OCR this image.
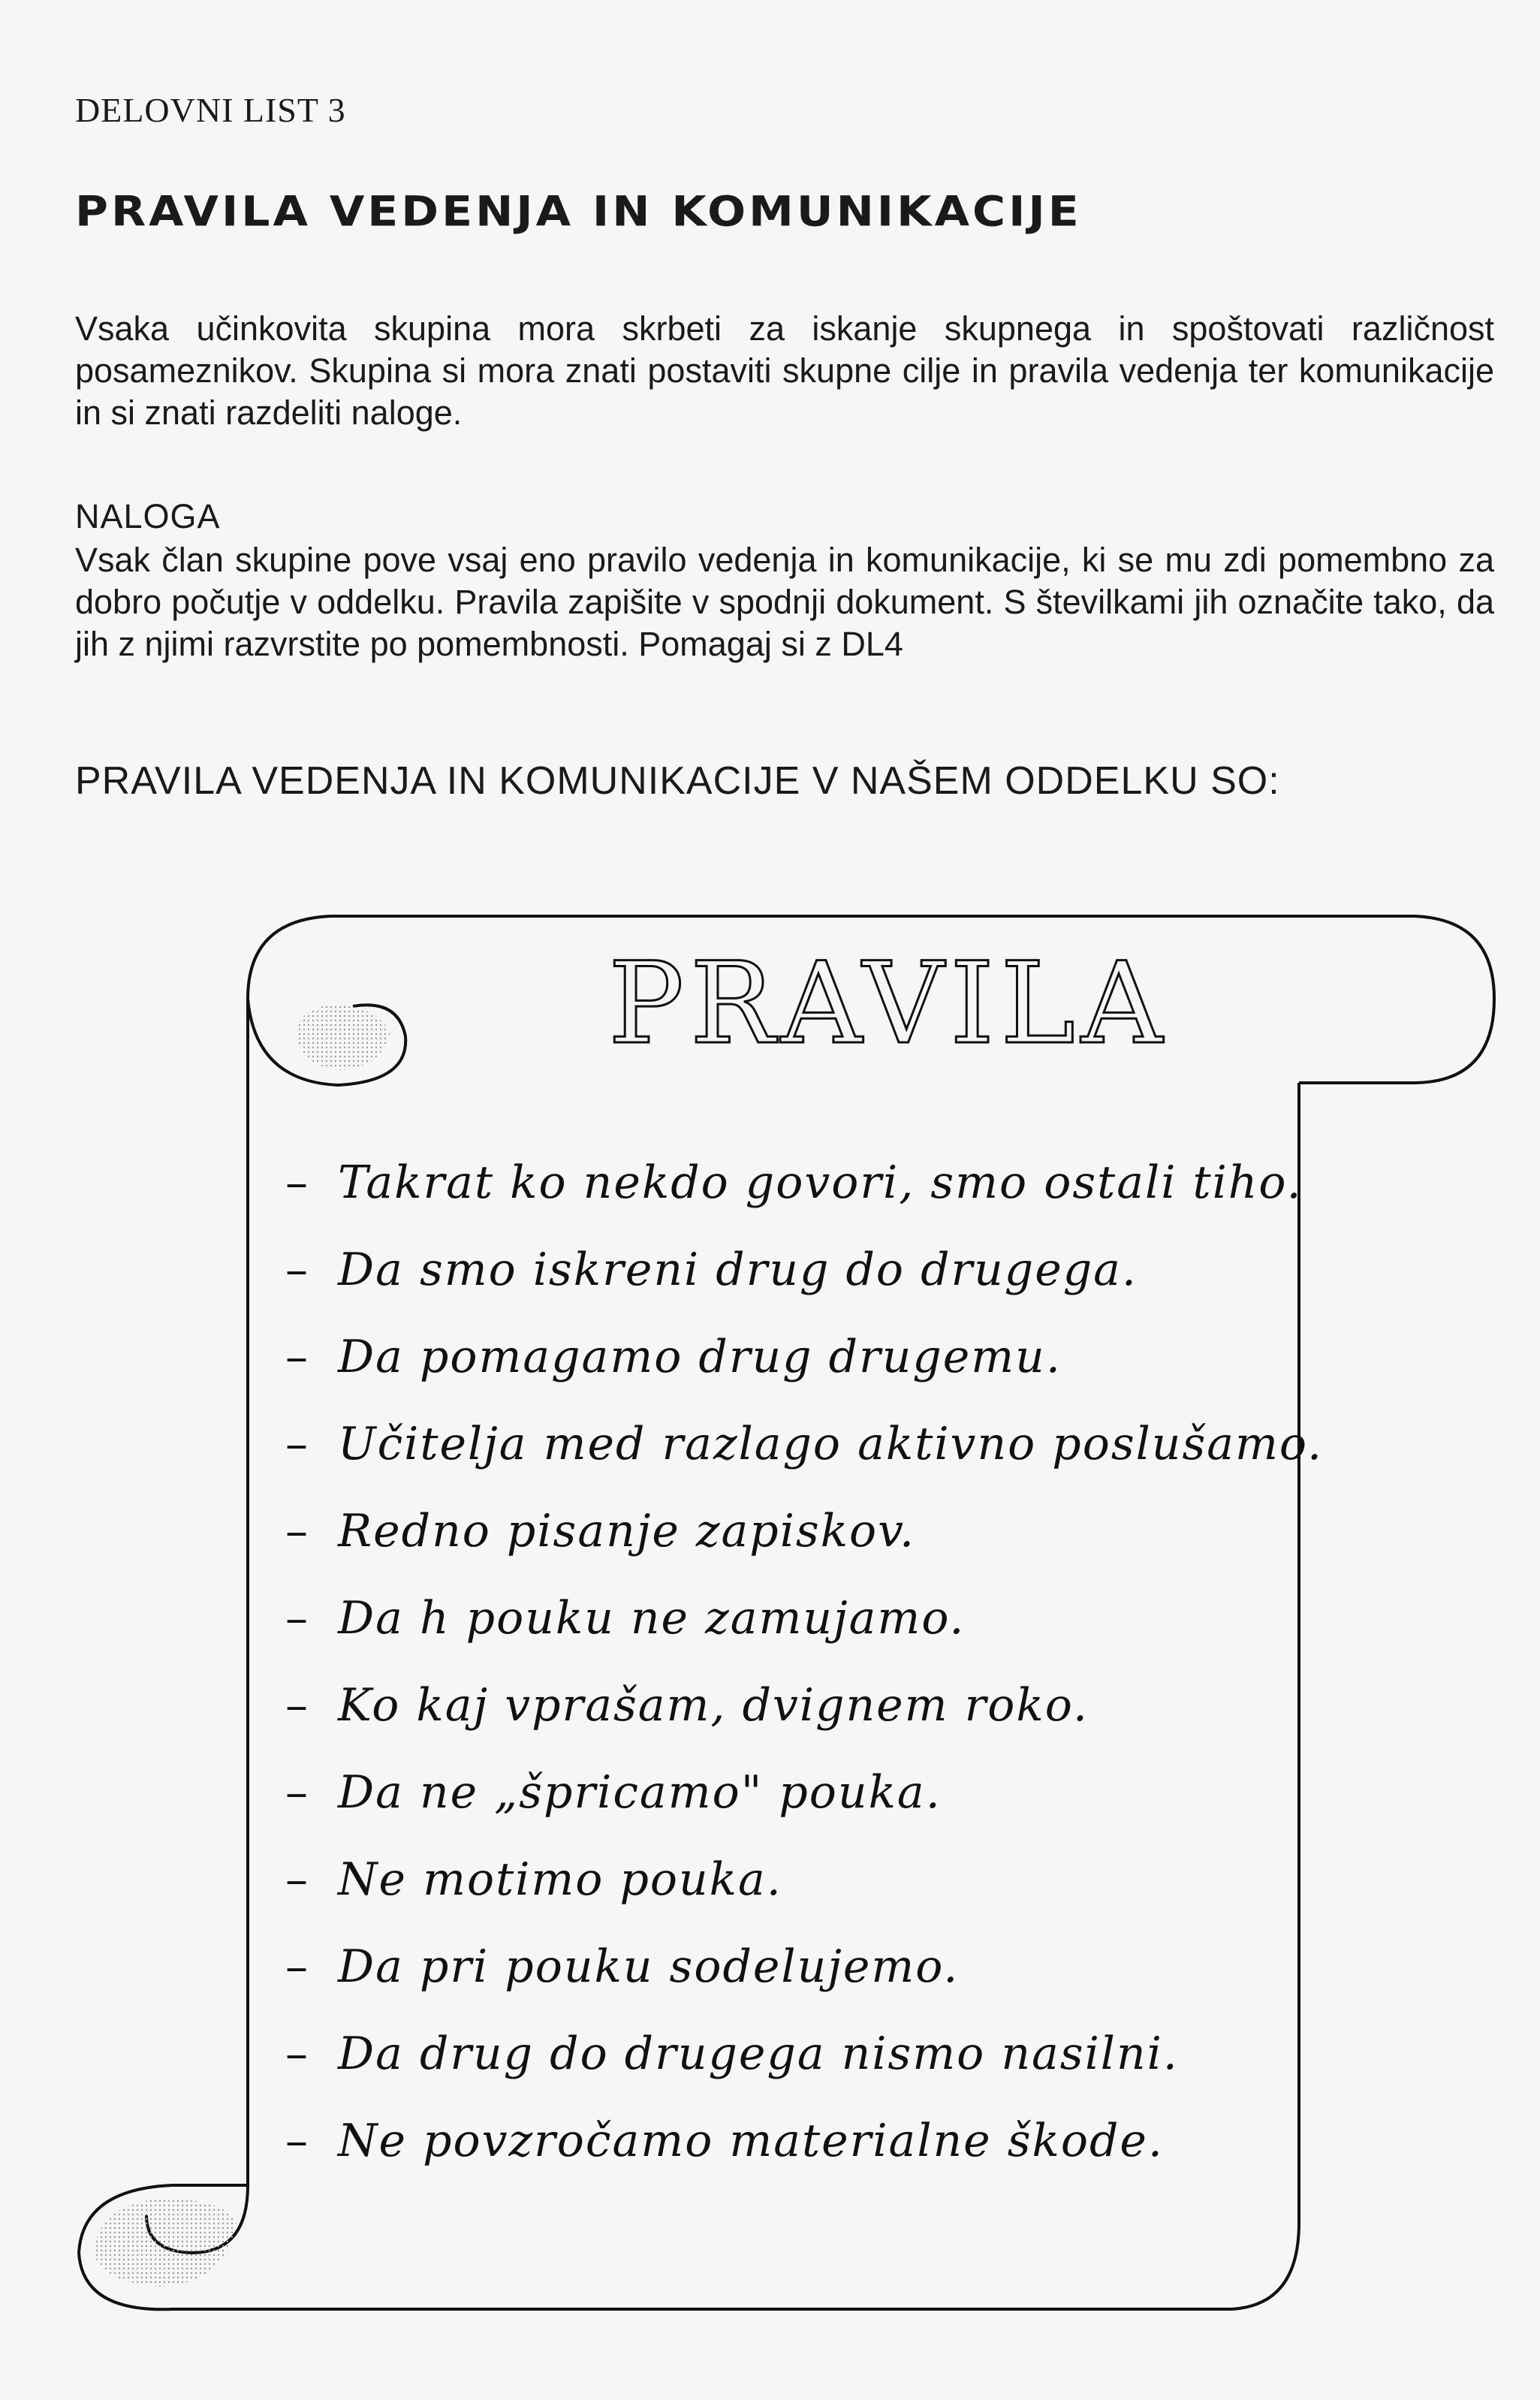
DELOVNI LIST 3
PRAVILA VEDENJA IN KOMUNIKACIJE

Vsaka učinkovita skupina mora skrbeti za iskanje skupnega in spoštovati različnost posameznikov. Skupina si mora znati postaviti skupne cilje in pravila vedenja ter komunikacije in si znati razdeliti naloge.

NALOGA

Vsak član skupine pove vsaj eno pravilo vedenja in komunikacije, ki se mu zdi pomembno za dobro počutje v oddelku. Pravila zapišite v spodnji dokument. S številkami jih označite tako, da jih z njimi razvrstite po pomembnosti. Pomagaj si z DL4

PRAVILA VEDENJA IN KOMUNIKACIJE V NAŠEM ODDELKU SO:
PRAVILA
– Takrat ko nekdo govori, smo ostali tiho.
– Da smo iskreni drug do drugega.
– Da pomagamo drug drugemu.
– Učitelja med razlago aktivno poslušamo.
– Redno pisanje zapiskov.
– Da h pouku ne zamujamo.
– Ko kaj vprašam, dvignem roko.
– Da ne „špricamo" pouka.
– Ne motimo pouka.
– Da pri pouku sodelujemo.
– Da drug do drugega nismo nasilni.
– Ne povzročamo materialne škode.
